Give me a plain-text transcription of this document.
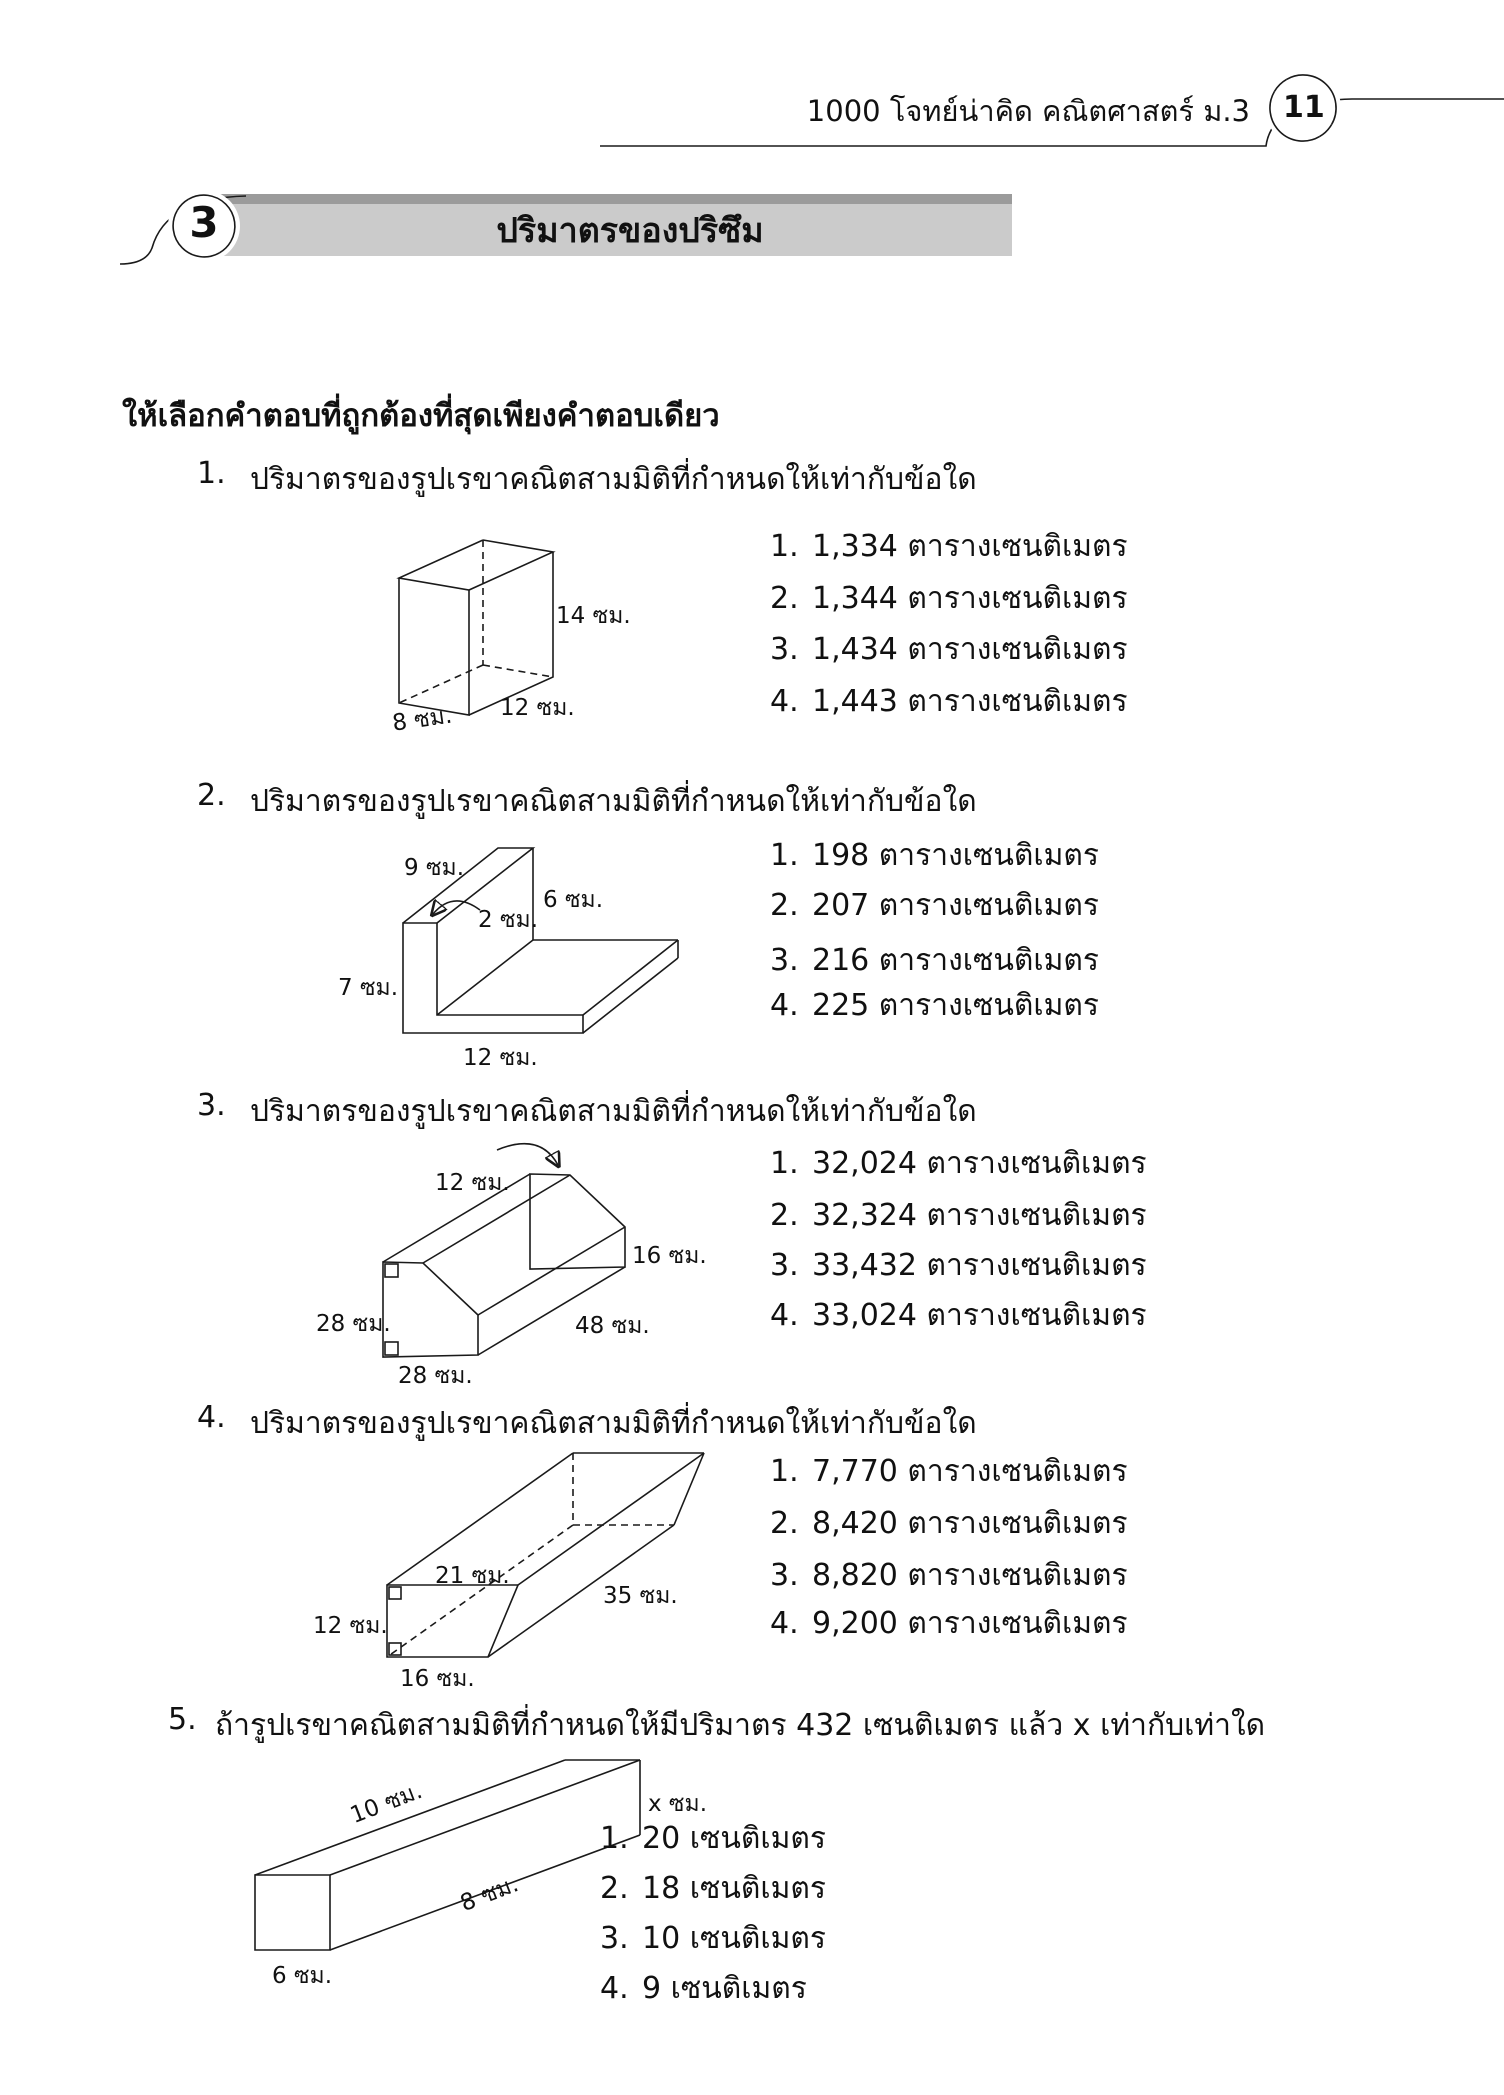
1000 โจทย์น่าคิด คณิตศาสตร์ ม.3 11
3	ปริมาตรของปริซึม
ให้เลือกคำตอบที่ถูกต้องที่สุดเพียงคำตอบเดียว
1. ปริมาตรของรูปเรขาคณิตสามมิติที่กำหนดให้เท่ากับข้อใด
14 ซม.
12 ซม.
8 ซม.
1. 1,334 ตารางเซนติเมตร
2. 1,344 ตารางเซนติเมตร
3. 1,434 ตารางเซนติเมตร
4. 1,443 ตารางเซนติเมตร
2. ปริมาตรของรูปเรขาคณิตสามมิติที่กำหนดให้เท่ากับข้อใด
9 ซม.
6 ซม.
2 ซม.
7 ซม.
12 ซม.
1. 198 ตารางเซนติเมตร
2. 207 ตารางเซนติเมตร
3. 216 ตารางเซนติเมตร
4. 225 ตารางเซนติเมตร
3. ปริมาตรของรูปเรขาคณิตสามมิติที่กำหนดให้เท่ากับข้อใด
12 ซม.
16 ซม.
28 ซม.	48 ซม.
28 ซม.
1. 32,024 ตารางเซนติเมตร
2. 32,324 ตารางเซนติเมตร
3. 33,432 ตารางเซนติเมตร
4. 33,024 ตารางเซนติเมตร
4. ปริมาตรของรูปเรขาคณิตสามมิติที่กำหนดให้เท่ากับข้อใด
21 ซม.
35 ซม.
12 ซม.
16 ซม.
1. 7,770 ตารางเซนติเมตร
2. 8,420 ตารางเซนติเมตร
3. 8,820 ตารางเซนติเมตร
4. 9,200 ตารางเซนติเมตร
5. ถ้ารูปเรขาคณิตสามมิติที่กำหนดให้มีปริมาตร 432 เซนติเมตร แล้ว x เท่ากับเท่าใด
10 ซม.	x ซม.
8 ซม.
6 ซม.
1. 20 เซนติเมตร
2. 18 เซนติเมตร
3. 10 เซนติเมตร
4. 9 เซนติเมตร
